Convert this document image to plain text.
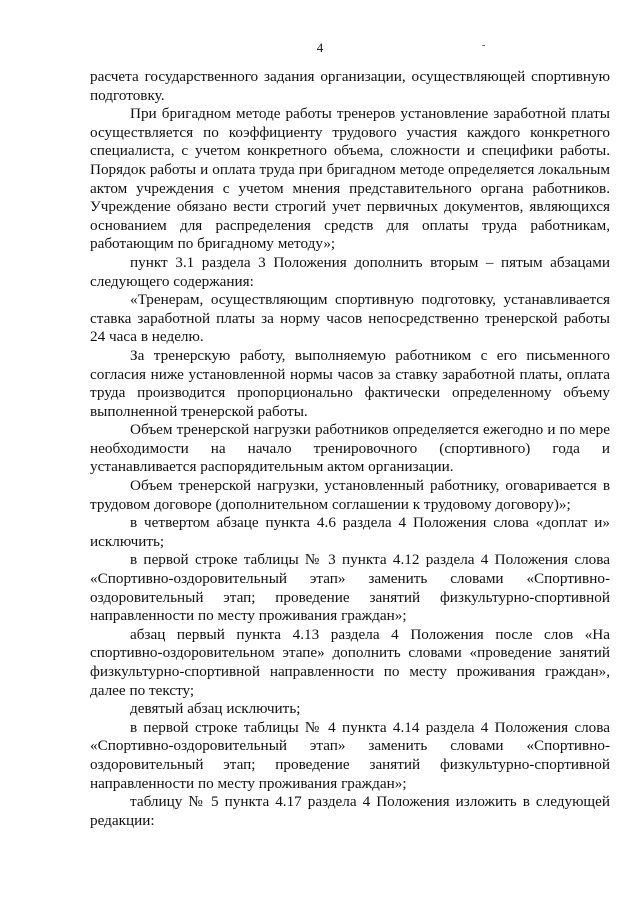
4	-

расчета государственного задания организации, осуществляющей спортивную подготовку.

При бригадном методе работы тренеров установление заработной платы осуществляется по коэффициенту трудового участия каждого конкретного специалиста, с учетом конкретного объема, сложности и специфики работы. Порядок работы и оплата труда при бригадном методе определяется локальным актом учреждения с учетом мнения представительного органа работников. Учреждение обязано вести строгий учет первичных документов, являющихся основанием для распределения средств для оплаты труда работникам, работающим по бригадному методу»;

пункт 3.1 раздела 3 Положения дополнить вторым – пятым абзацами следующего содержания:

«Тренерам, осуществляющим спортивную подготовку, устанавливается ставка заработной платы за норму часов непосредственно тренерской работы 24 часа в неделю.

За тренерскую работу, выполняемую работником с его письменного согласия ниже установленной нормы часов за ставку заработной платы, оплата труда производится пропорционально фактически определенному объему выполненной тренерской работы.

Объем тренерской нагрузки работников определяется ежегодно и по мере необходимости на начало тренировочного (спортивного) года и устанавливается распорядительным актом организации.

Объем тренерской нагрузки, установленный работнику, оговаривается в трудовом договоре (дополнительном соглашении к трудовому договору)»;

в четвертом абзаце пункта 4.6 раздела 4 Положения слова «доплат и» исключить;

в первой строке таблицы № 3 пункта 4.12 раздела 4 Положения слова «Спортивно-оздоровительный этап» заменить словами «Спортивно-оздоровительный этап; проведение занятий физкультурно-спортивной направленности по месту проживания граждан»;

абзац первый пункта 4.13 раздела 4 Положения после слов «На спортивно-оздоровительном этапе» дополнить словами «проведение занятий физкультурно-спортивной направленности по месту проживания граждан», далее по тексту;

девятый абзац исключить;

в первой строке таблицы № 4 пункта 4.14 раздела 4 Положения слова «Спортивно-оздоровительный этап» заменить словами «Спортивно-оздоровительный этап; проведение занятий физкультурно-спортивной направленности по месту проживания граждан»;

таблицу № 5 пункта 4.17 раздела 4 Положения изложить в следующей редакции:
